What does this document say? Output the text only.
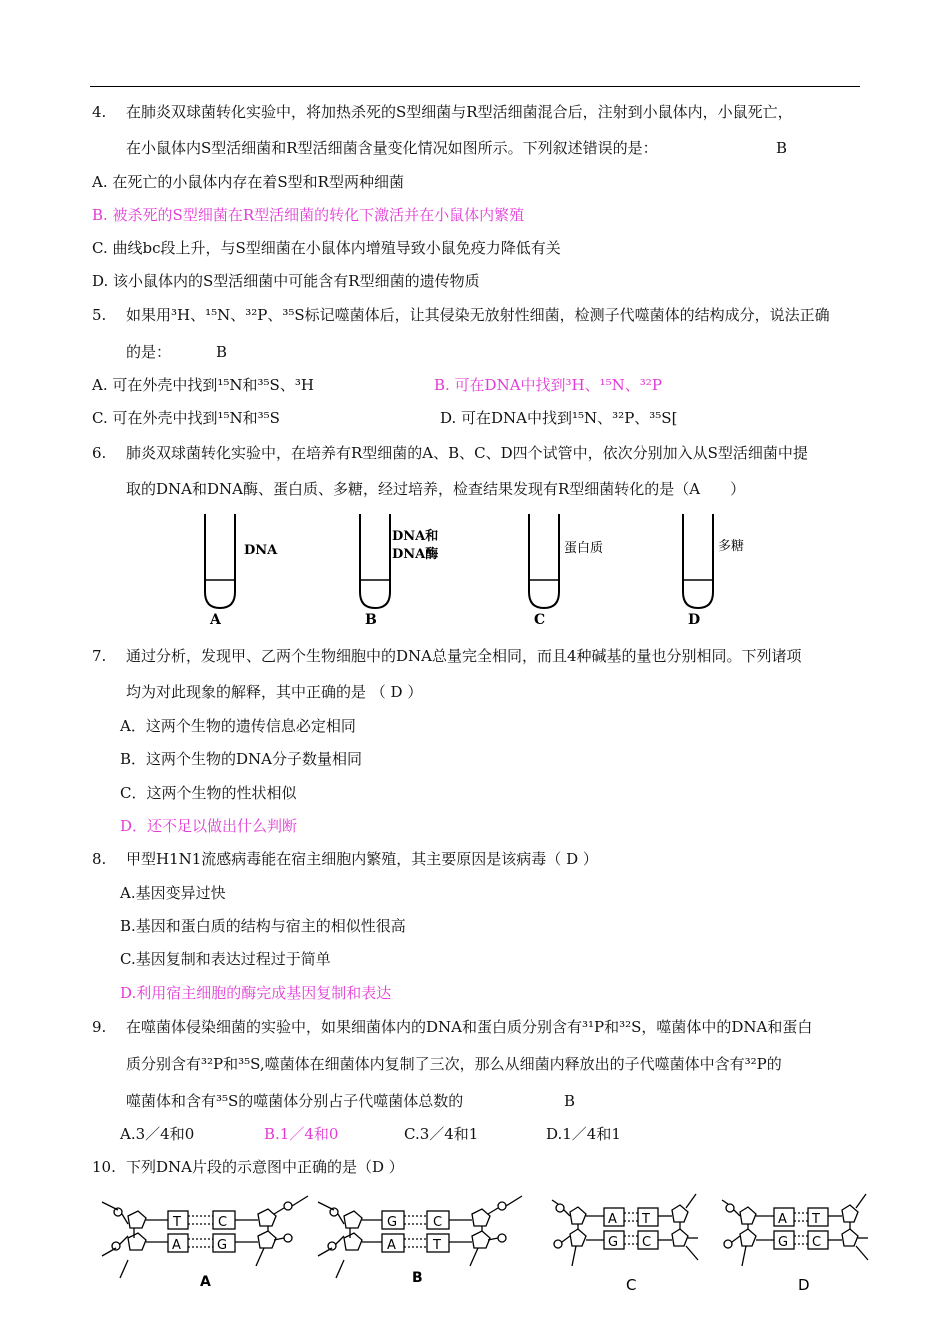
4. 在肺炎双球菌转化实验中，将加热杀死的S型细菌与R型活细菌混合后，注射到小鼠体内，小鼠死亡，
在小鼠体内S型活细菌和R型活细菌含量变化情况如图所示。下列叙述错误的是：	B
A. 在死亡的小鼠体内存在着S型和R型两种细菌
B. 被杀死的S型细菌在R型活细菌的转化下激活并在小鼠体内繁殖
C. 曲线bc段上升，与S型细菌在小鼠体内增殖导致小鼠免疫力降低有关
D. 该小鼠体内的S型活细菌中可能含有R型细菌的遗传物质
5. 如果用³H、¹⁵N、³²P、³⁵S标记噬菌体后，让其侵染无放射性细菌，检测子代噬菌体的结构成分，说法正确
的是：	B
A. 可在外壳中找到¹⁵N和³⁵S、³H	B. 可在DNA中找到³H、¹⁵N、³²P
C. 可在外壳中找到¹⁵N和³⁵S	D. 可在DNA中找到¹⁵N、³²P、³⁵S[
6. 肺炎双球菌转化实验中，在培养有R型细菌的A、B、C、D四个试管中，依次分别加入从S型活细菌中提
取的DNA和DNA酶、蛋白质、多糖，经过培养，检查结果发现有R型细菌转化的是（A　　）
DNA
A
DNA和
DNA酶
B
蛋白质
C
多糖
D
7. 通过分析，发现甲、乙两个生物细胞中的DNA总量完全相同，而且4种碱基的量也分别相同。下列诸项
均为对此现象的解释，其中正确的是 （ D ）
A．这两个生物的遗传信息必定相同
B．这两个生物的DNA分子数量相同
C．这两个生物的性状相似
D．还不足以做出什么判断
8. 甲型H1N1流感病毒能在宿主细胞内繁殖，其主要原因是该病毒（ D ）
A.基因变异过快
B.基因和蛋白质的结构与宿主的相似性很高
C.基因复制和表达过程过于简单
D.利用宿主细胞的酶完成基因复制和表达
9. 在噬菌体侵染细菌的实验中，如果细菌体内的DNA和蛋白质分别含有³¹P和³²S，噬菌体中的DNA和蛋白
质分别含有³²P和³⁵S,噬菌体在细菌体内复制了三次，那么从细菌内释放出的子代噬菌体中含有³²P的
噬菌体和含有³⁵S的噬菌体分别占子代噬菌体总数的	B
A.3／4和0	B.1／4和0	C.3／4和1	D.1／4和1
10. 下列DNA片段的示意图中正确的是（D ）
T	C
A	G
A
G	C
A	T
B
A T
G C
C
A T
G C
D
